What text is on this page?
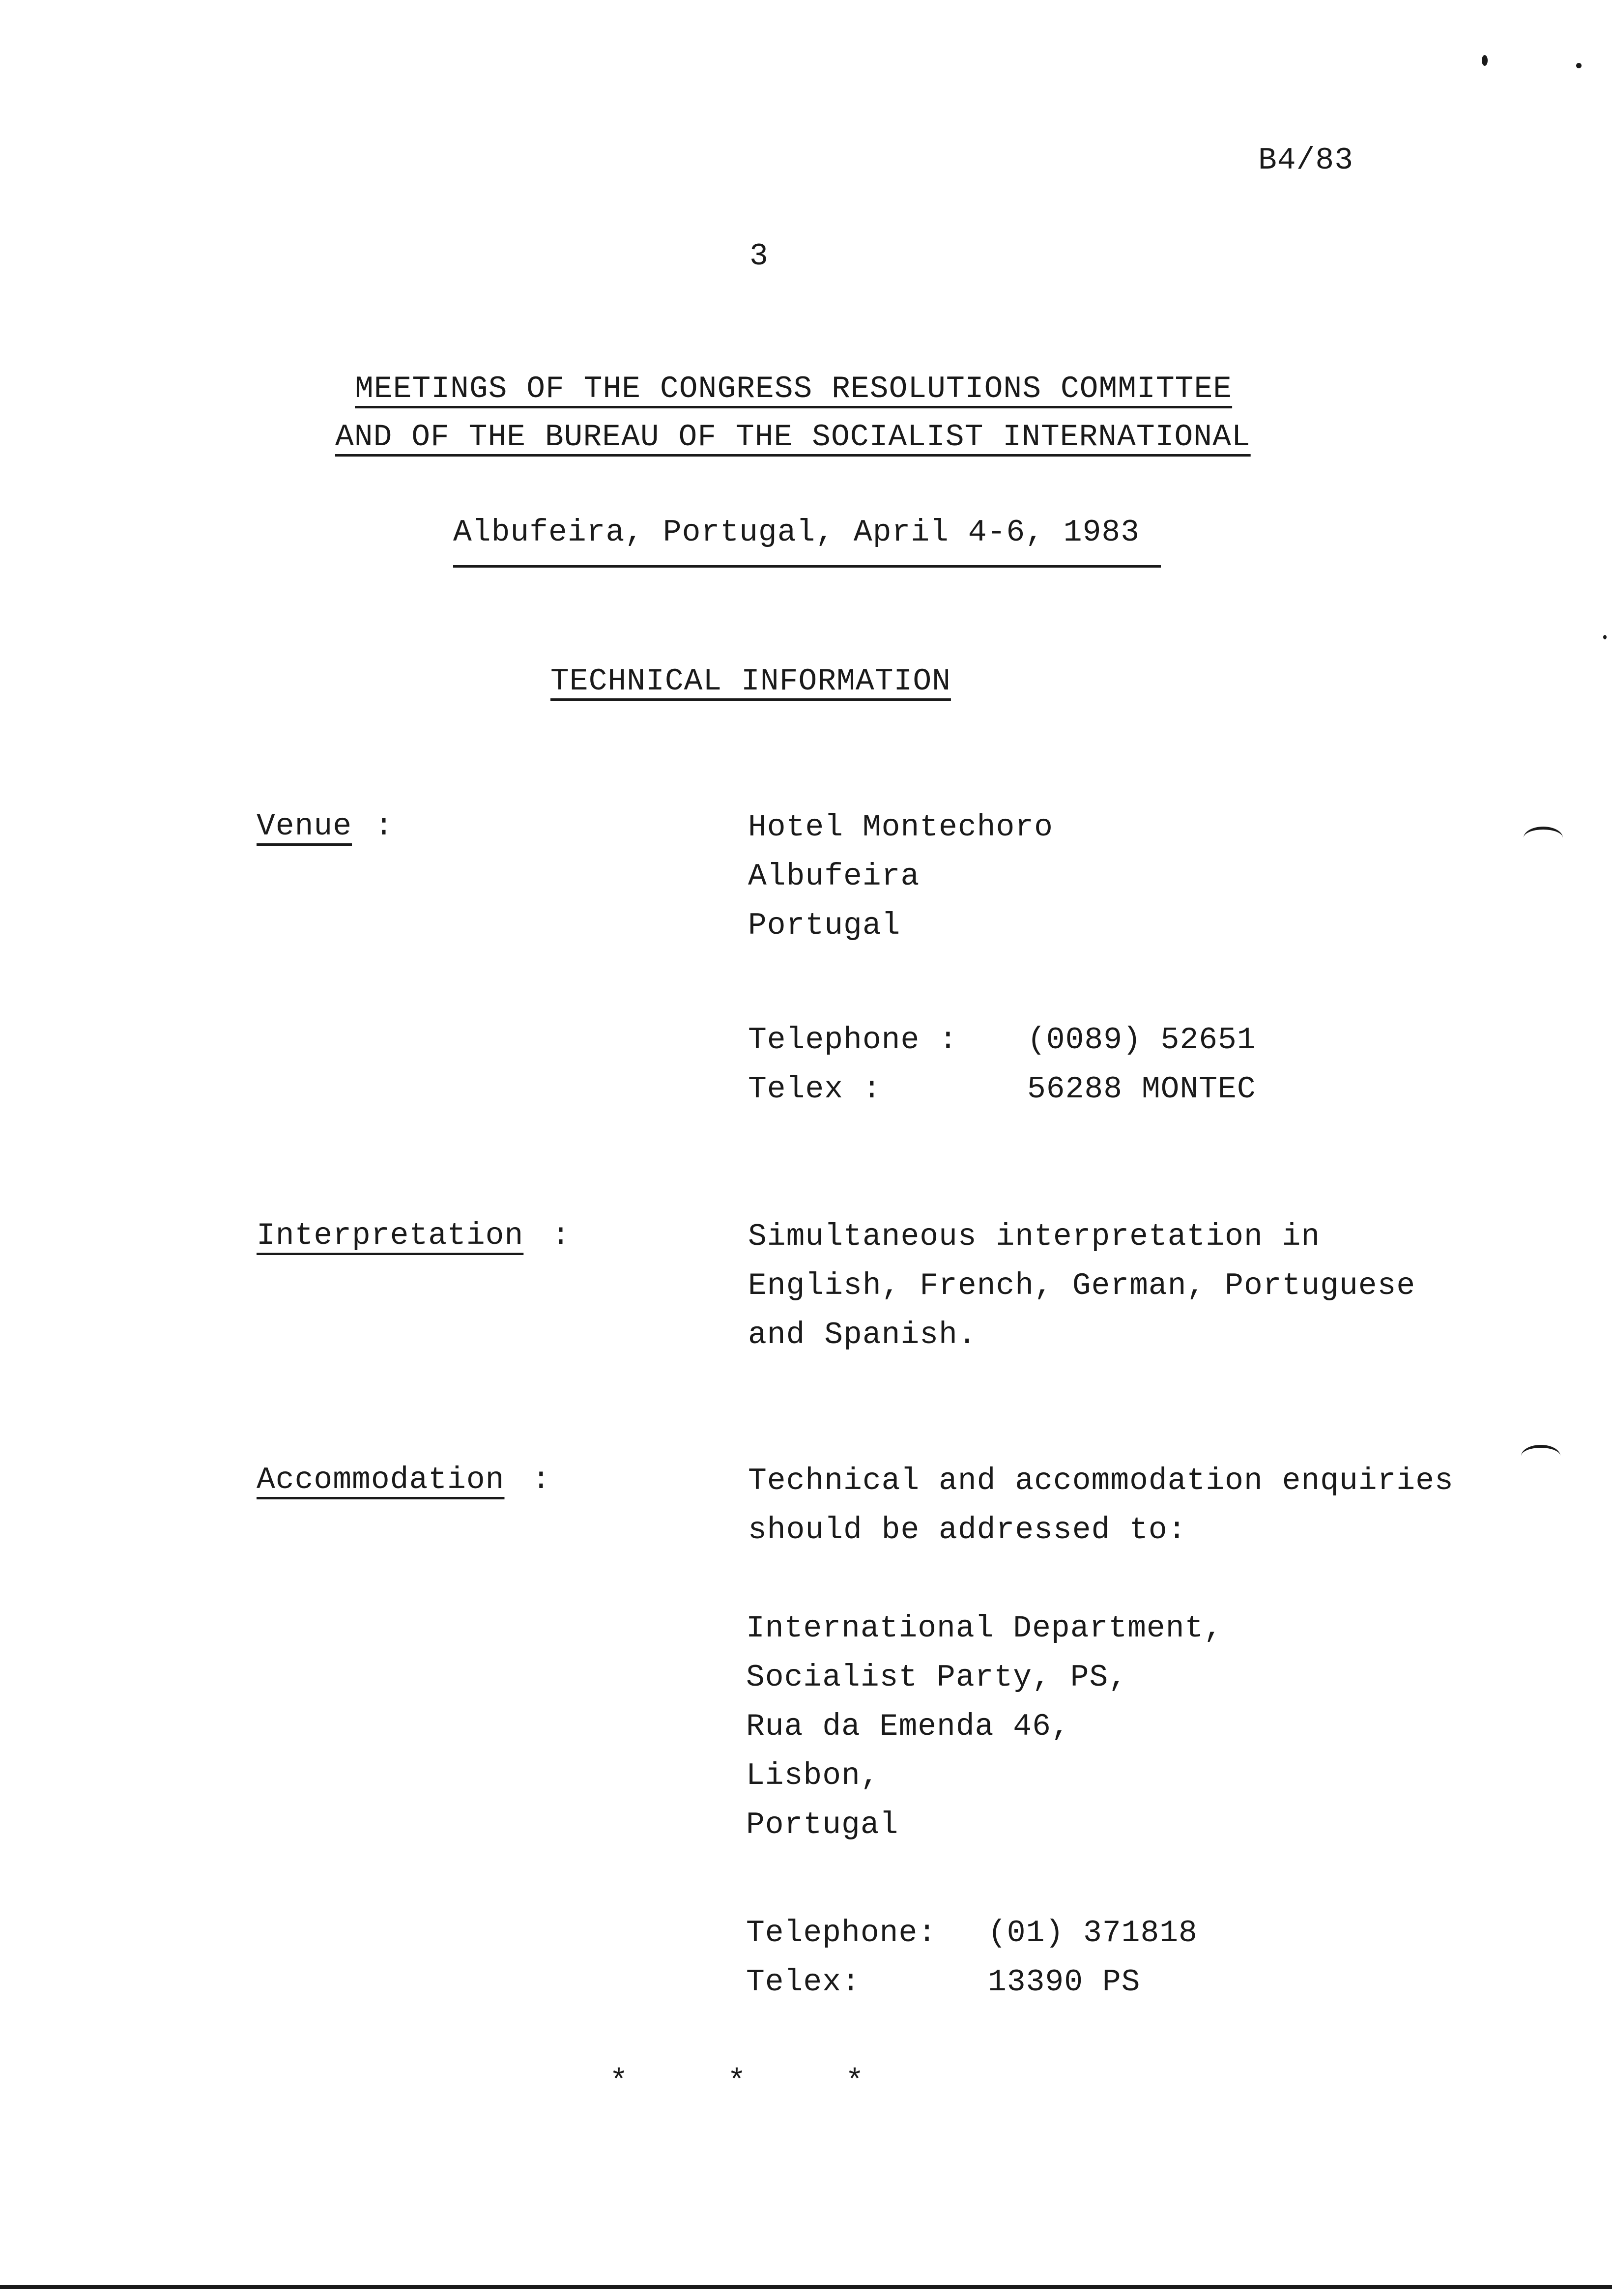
B4/83
3
MEETINGS OF THE CONGRESS RESOLUTIONS COMMITTEE
AND OF THE BUREAU OF THE SOCIALIST INTERNATIONAL
Albufeira, Portugal, April 4-6, 1983
TECHNICAL INFORMATION
Venue :	Hotel Montechoro
Albufeira
Portugal
Telephone : (0089) 52651
Telex :	56288 MONTEC
Interpretation :	Simultaneous interpretation in
English, French, German, Portuguese
and Spanish.
Accommodation :	Technical and accommodation enquiries
should be addressed to:
International Department,
Socialist Party, PS,
Rua da Emenda 46,
Lisbon,
Portugal
Telephone: (01) 371818
Telex:	13390 PS
*	*	*
